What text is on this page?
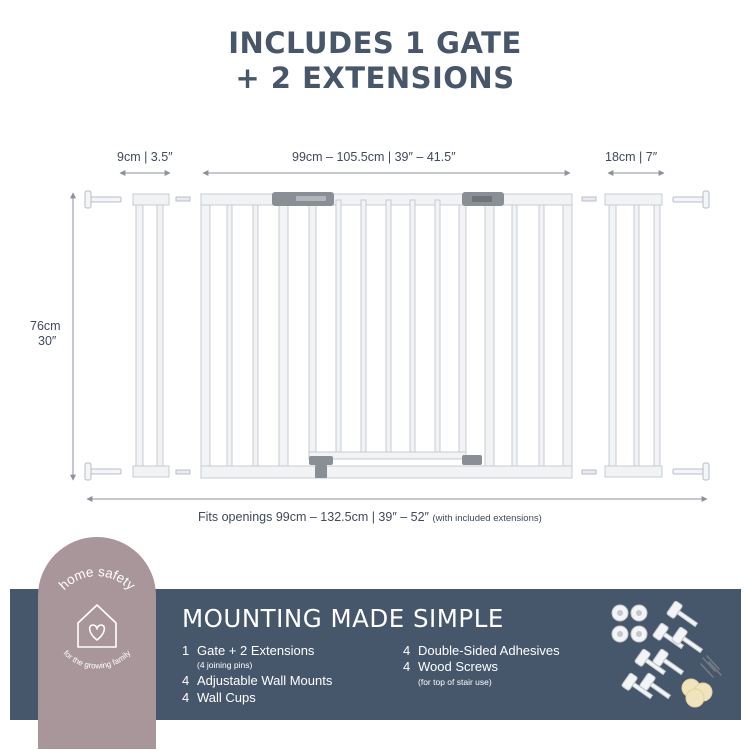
INCLUDES 1 GATE
+ 2 EXTENSIONS
9cm | 3.5″	99cm – 105.5cm | 39″ – 41.5″	18cm | 7″
76cm
30″
Fits openings 99cm – 132.5cm | 39″ – 52″ (with included extensions)
home safety
for the growing family
MOUNTING MADE SIMPLE
1 Gate + 2 Extensions
(4 joining pins)
4 Adjustable Wall Mounts
4 Wall Cups
4 Double-Sided Adhesives
4 Wood Screws
(for top of stair use)
